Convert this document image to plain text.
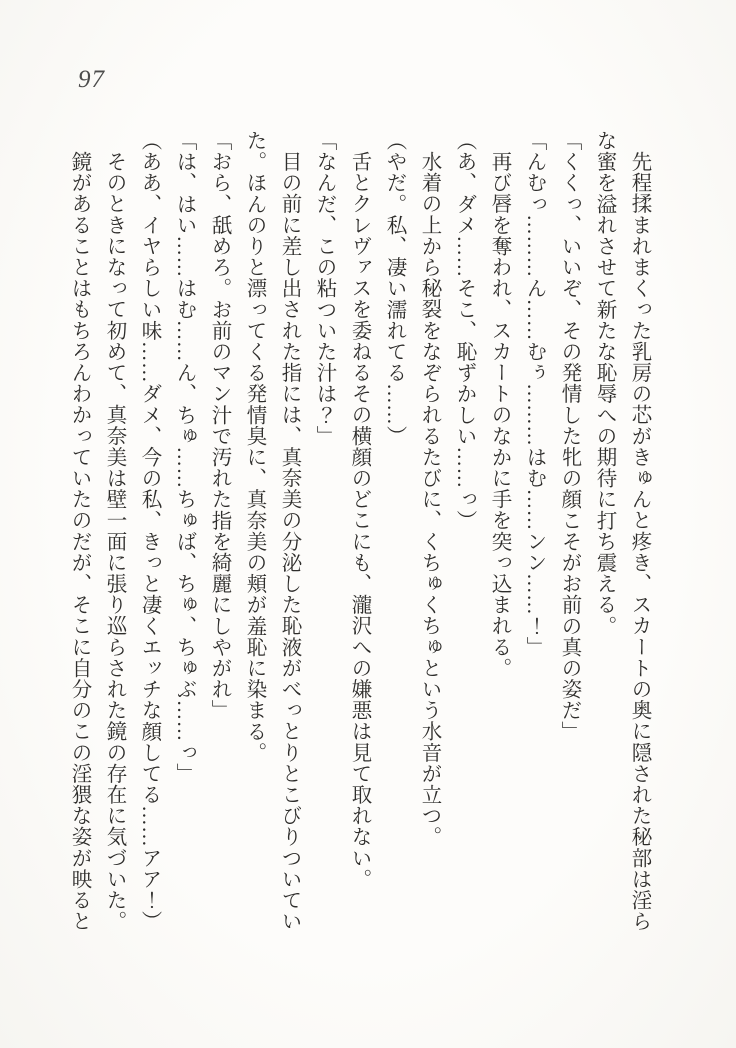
97

先程揉まれまくった乳房の芯がきゅんと疼き、スカートの奥に隠された秘部は淫らな蜜を溢れさせて新たな恥辱への期待に打ち震える。

「くくっ、いいぞ、その発情した牝の顔こそがお前の真の姿だ」

「んむっ………ん……むぅ………はむ……ンン……！」

再び唇を奪われ、スカートのなかに手を突っ込まれる。

（あ、ダメ……そこ、恥ずかしい……っ）

水着の上から秘裂をなぞられるたびに、くちゅくちゅという水音が立つ。

（やだ。私、凄い濡れてる……）

舌とクレヴァスを委ねるその横顔のどこにも、瀧沢への嫌悪は見て取れない。

「なんだ、この粘ついた汁は？」

目の前に差し出された指には、真奈美の分泌した恥液がべっとりとこびりついていた。ほんのりと漂ってくる発情臭に、真奈美の頬が羞恥に染まる。

「おら、舐めろ。お前のマン汁で汚れた指を綺麗にしやがれ」

「は、はい……はむ……ん、ちゅ……ちゅば、ちゅ、ちゅぶ……っ」

（ああ、イヤらしい味……ダメ、今の私、きっと凄くエッチな顔してる……アア！）

そのときになって初めて、真奈美は壁一面に張り巡らされた鏡の存在に気づいた。

鏡があることはもちろんわかっていたのだが、そこに自分のこの淫猥な姿が映ると
